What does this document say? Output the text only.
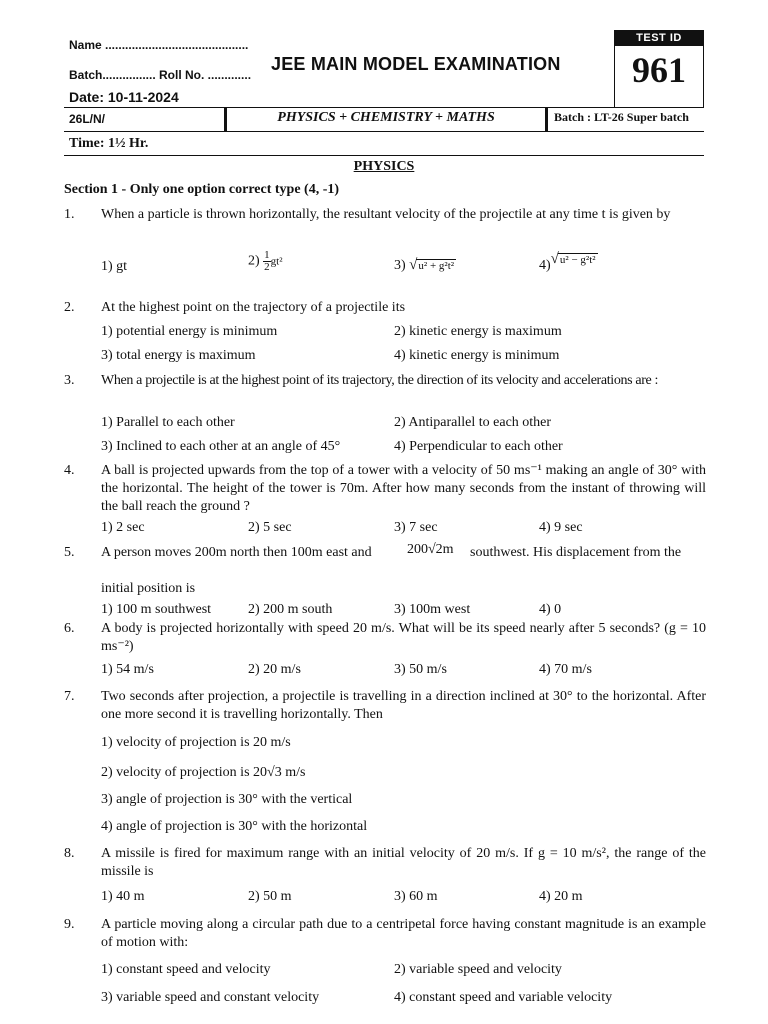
Name ...........................................
Batch................ Roll No. .............
JEE MAIN MODEL EXAMINATION
Date: 10-11-2024
TEST ID
961
26L/N/	PHYSICS + CHEMISTRY + MATHS	Batch : LT-26 Super batch
Time: 1½ Hr.
PHYSICS
Section 1 - Only one option correct type (4, -1)
1. When a particle is thrown horizontally, the resultant velocity of the projectile at any time t is given by
1) gt	$2) \frac{1}{2} gt^2$	3) √u² + g²t²	4)√u² − g²t²
2. At the highest point on the trajectory of a projectile its
1) potential energy is minimum	2) kinetic energy is maximum
3) total energy is maximum	4) kinetic energy is minimum
3. When a projectile is at the highest point of its trajectory, the direction of its velocity and accelerations are :
1) Parallel to each other	2) Antiparallel to each other
3) Inclined to each other at an angle of 45°	4) Perpendicular to each other
4. A ball is projected upwards from the top of a tower with a velocity of 50 ms⁻¹ making an angle of 30° with the horizontal. The height of the tower is 70m. After how many seconds from the instant of throwing will the ball reach the ground ?
1) 2 sec	2) 5 sec	3) 7 sec	4) 9 sec
5. A person moves 200m north then 100m east and	200√2m southwest. His displacement from the
initial position is
1) 100 m southwest	2) 200 m south	3) 100m west	4) 0
6. A body is projected horizontally with speed 20 m/s. What will be its speed nearly after 5 seconds? (g = 10 ms⁻²)
1) 54 m/s	2) 20 m/s	3) 50 m/s	4) 70 m/s
7. Two seconds after projection, a projectile is travelling in a direction inclined at 30° to the horizontal. After one more second it is travelling horizontally. Then
1) velocity of projection is 20 m/s
2) velocity of projection is 20√3 m/s
3) angle of projection is 30° with the vertical
4) angle of projection is 30° with the horizontal
8. A missile is fired for maximum range with an initial velocity of 20 m/s. If g = 10 m/s², the range of the missile is
1) 40 m	2) 50 m	3) 60 m	4) 20 m
9. A particle moving along a circular path due to a centripetal force having constant magnitude is an example of motion with:
1) constant speed and velocity	2) variable speed and velocity
3) variable speed and constant velocity	4) constant speed and variable velocity
